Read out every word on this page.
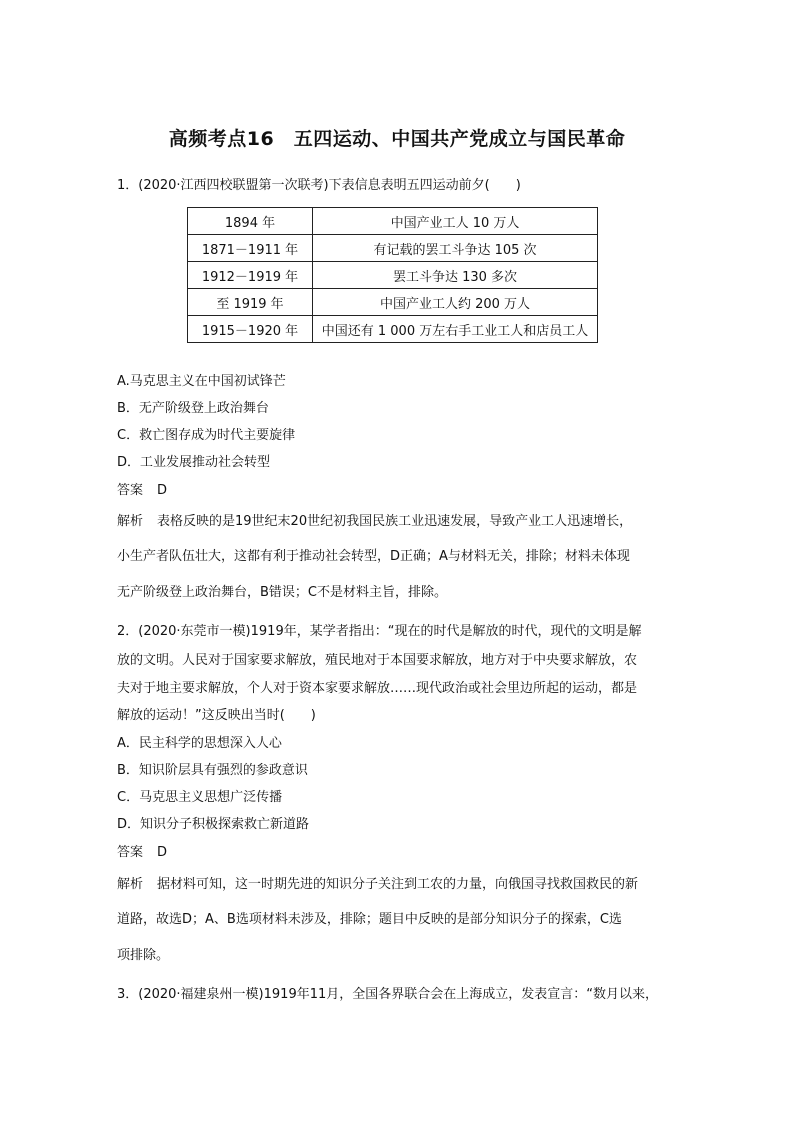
高频考点16　五四运动、中国共产党成立与国民革命
1．(2020·江西四校联盟第一次联考)下表信息表明五四运动前夕(　　)
1894 年	中国产业工人 10 万人
1871－1911 年	有记载的罢工斗争达 105 次
1912－1919 年	罢工斗争达 130 多次
至 1919 年	中国产业工人约 200 万人
1915－1920 年	中国还有 1 000 万左右手工业工人和店员工人
A.马克思主义在中国初试锋芒
B．无产阶级登上政治舞台
C．救亡图存成为时代主要旋律
D．工业发展推动社会转型
答案 D
解析 表格反映的是19世纪末20世纪初我国民族工业迅速发展，导致产业工人迅速增长，
小生产者队伍壮大，这都有利于推动社会转型，D正确；A与材料无关，排除；材料未体现
无产阶级登上政治舞台，B错误；C不是材料主旨，排除。
2．(2020·东莞市一模)1919年，某学者指出：“现在的时代是解放的时代，现代的文明是解
放的文明。人民对于国家要求解放，殖民地对于本国要求解放，地方对于中央要求解放，农
夫对于地主要求解放，个人对于资本家要求解放……现代政治或社会里边所起的运动，都是
解放的运动！”这反映出当时(　　)
A．民主科学的思想深入人心
B．知识阶层具有强烈的参政意识
C．马克思主义思想广泛传播
D．知识分子积极探索救亡新道路
答案 D
解析 据材料可知，这一时期先进的知识分子关注到工农的力量，向俄国寻找救国救民的新
道路，故选D；A、B选项材料未涉及，排除；题目中反映的是部分知识分子的探索，C选
项排除。
3．(2020·福建泉州一模)1919年11月，全国各界联合会在上海成立，发表宣言：“数月以来，
